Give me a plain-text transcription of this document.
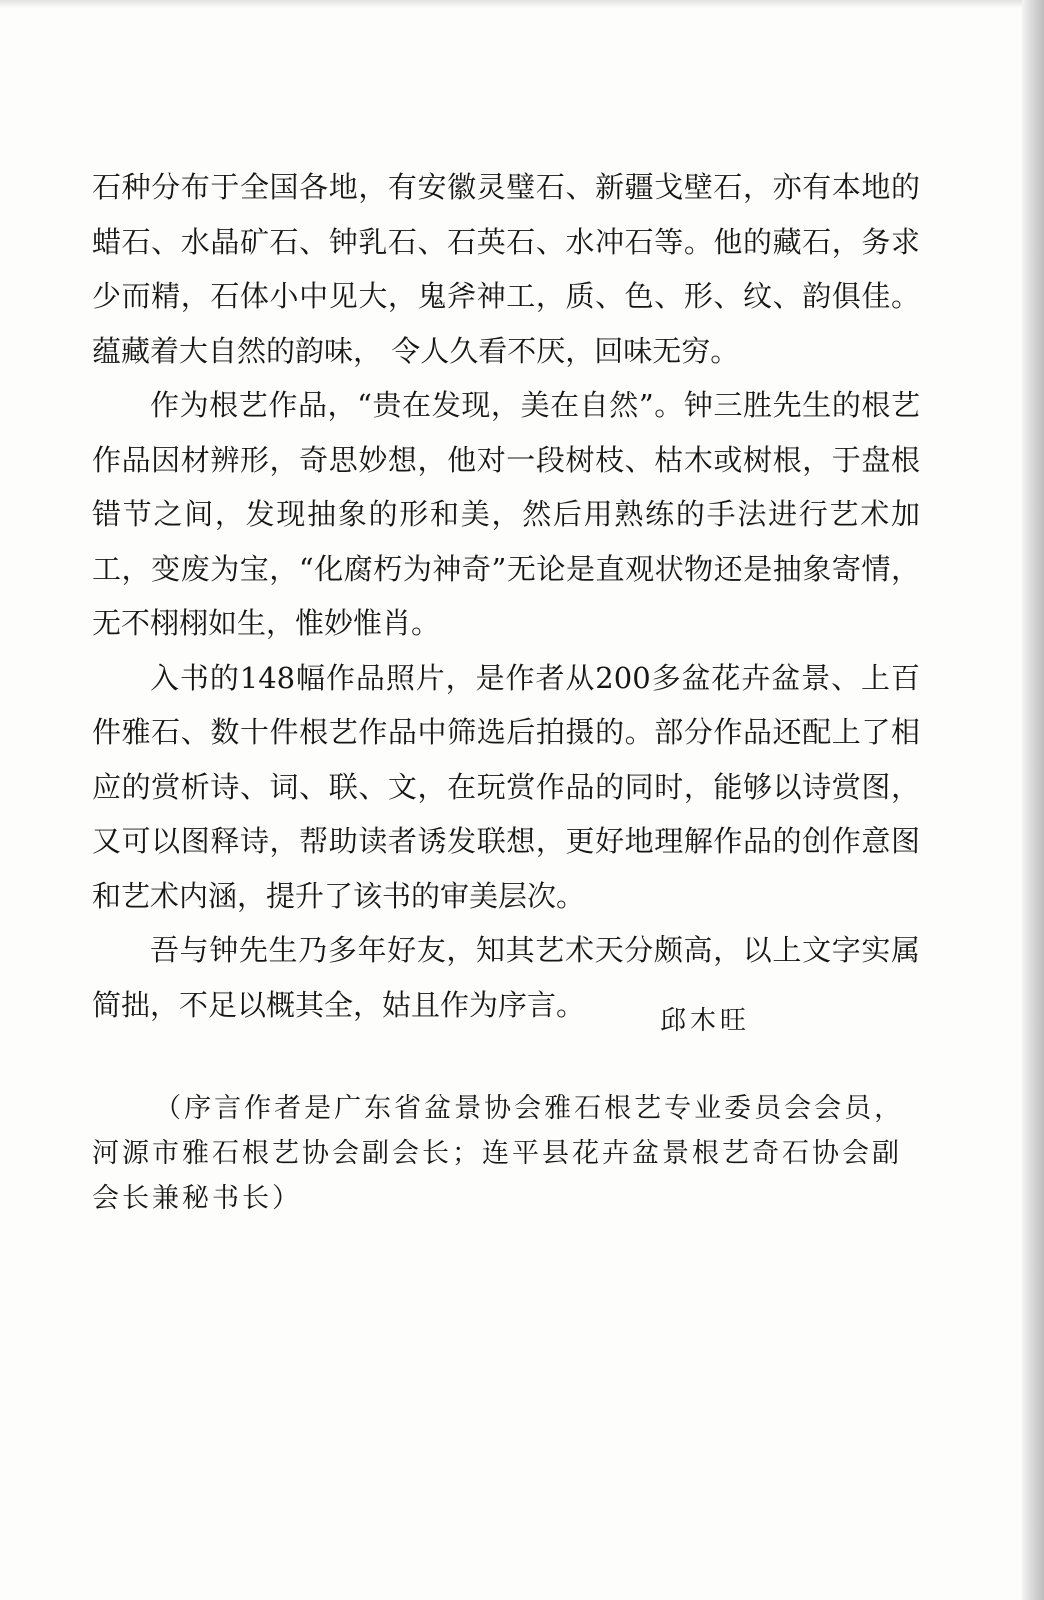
石种分布于全国各地，有安徽灵璧石、新疆戈壁石，亦有本地的蜡石、水晶矿石、钟乳石、石英石、水冲石等。他的藏石，务求少而精，石体小中见大，鬼斧神工，质、色、形、纹、韵俱佳。蕴藏着大自然的韵味， 令人久看不厌，回味无穷。

作为根艺作品，“贵在发现，美在自然”。钟三胜先生的根艺作品因材辨形，奇思妙想，他对一段树枝、枯木或树根，于盘根错节之间，发现抽象的形和美，然后用熟练的手法进行艺术加工，变废为宝，“化腐朽为神奇”无论是直观状物还是抽象寄情，无不栩栩如生，惟妙惟肖。

入书的148幅作品照片，是作者从200多盆花卉盆景、上百件雅石、数十件根艺作品中筛选后拍摄的。部分作品还配上了相应的赏析诗、词、联、文，在玩赏作品的同时，能够以诗赏图，又可以图释诗，帮助读者诱发联想，更好地理解作品的创作意图和艺术内涵，提升了该书的审美层次。

吾与钟先生乃多年好友，知其艺术天分颇高，以上文字实属简拙，不足以概其全，姑且作为序言。	邱木旺

（序言作者是广东省盆景协会雅石根艺专业委员会会员，河源市雅石根艺协会副会长；连平县花卉盆景根艺奇石协会副会长兼秘书长）
